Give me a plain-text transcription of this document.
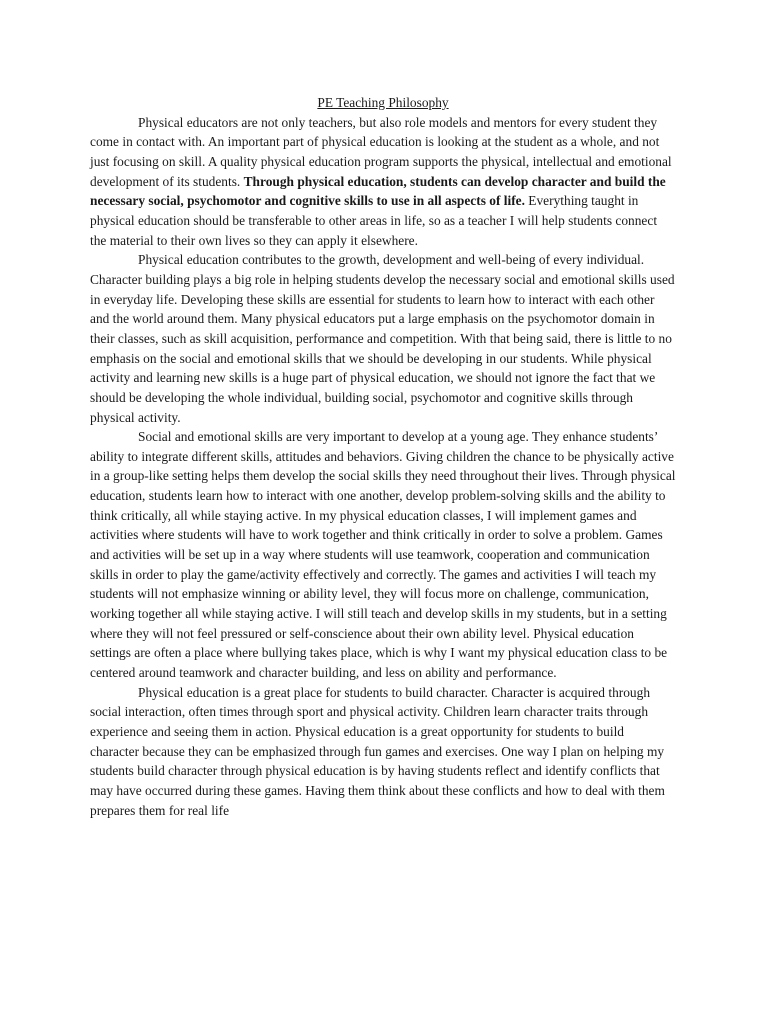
PE Teaching Philosophy

Physical educators are not only teachers, but also role models and mentors for every student they come in contact with. An important part of physical education is looking at the student as a whole, and not just focusing on skill. A quality physical education program supports the physical, intellectual and emotional development of its students. Through physical education, students can develop character and build the necessary social, psychomotor and cognitive skills to use in all aspects of life. Everything taught in physical education should be transferable to other areas in life, so as a teacher I will help students connect the material to their own lives so they can apply it elsewhere.

Physical education contributes to the growth, development and well-being of every individual. Character building plays a big role in helping students develop the necessary social and emotional skills used in everyday life. Developing these skills are essential for students to learn how to interact with each other and the world around them. Many physical educators put a large emphasis on the psychomotor domain in their classes, such as skill acquisition, performance and competition. With that being said, there is little to no emphasis on the social and emotional skills that we should be developing in our students. While physical activity and learning new skills is a huge part of physical education, we should not ignore the fact that we should be developing the whole individual, building social, psychomotor and cognitive skills through physical activity.

Social and emotional skills are very important to develop at a young age. They enhance students’ ability to integrate different skills, attitudes and behaviors. Giving children the chance to be physically active in a group-like setting helps them develop the social skills they need throughout their lives. Through physical education, students learn how to interact with one another, develop problem-solving skills and the ability to think critically, all while staying active. In my physical education classes, I will implement games and activities where students will have to work together and think critically in order to solve a problem. Games and activities will be set up in a way where students will use teamwork, cooperation and communication skills in order to play the game/activity effectively and correctly. The games and activities I will teach my students will not emphasize winning or ability level, they will focus more on challenge, communication, working together all while staying active. I will still teach and develop skills in my students, but in a setting where they will not feel pressured or self-conscience about their own ability level. Physical education settings are often a place where bullying takes place, which is why I want my physical education class to be centered around teamwork and character building, and less on ability and performance.

Physical education is a great place for students to build character. Character is acquired through social interaction, often times through sport and physical activity. Children learn character traits through experience and seeing them in action. Physical education is a great opportunity for students to build character because they can be emphasized through fun games and exercises. One way I plan on helping my students build character through physical education is by having students reflect and identify conflicts that may have occurred during these games. Having them think about these conflicts and how to deal with them prepares them for real life
